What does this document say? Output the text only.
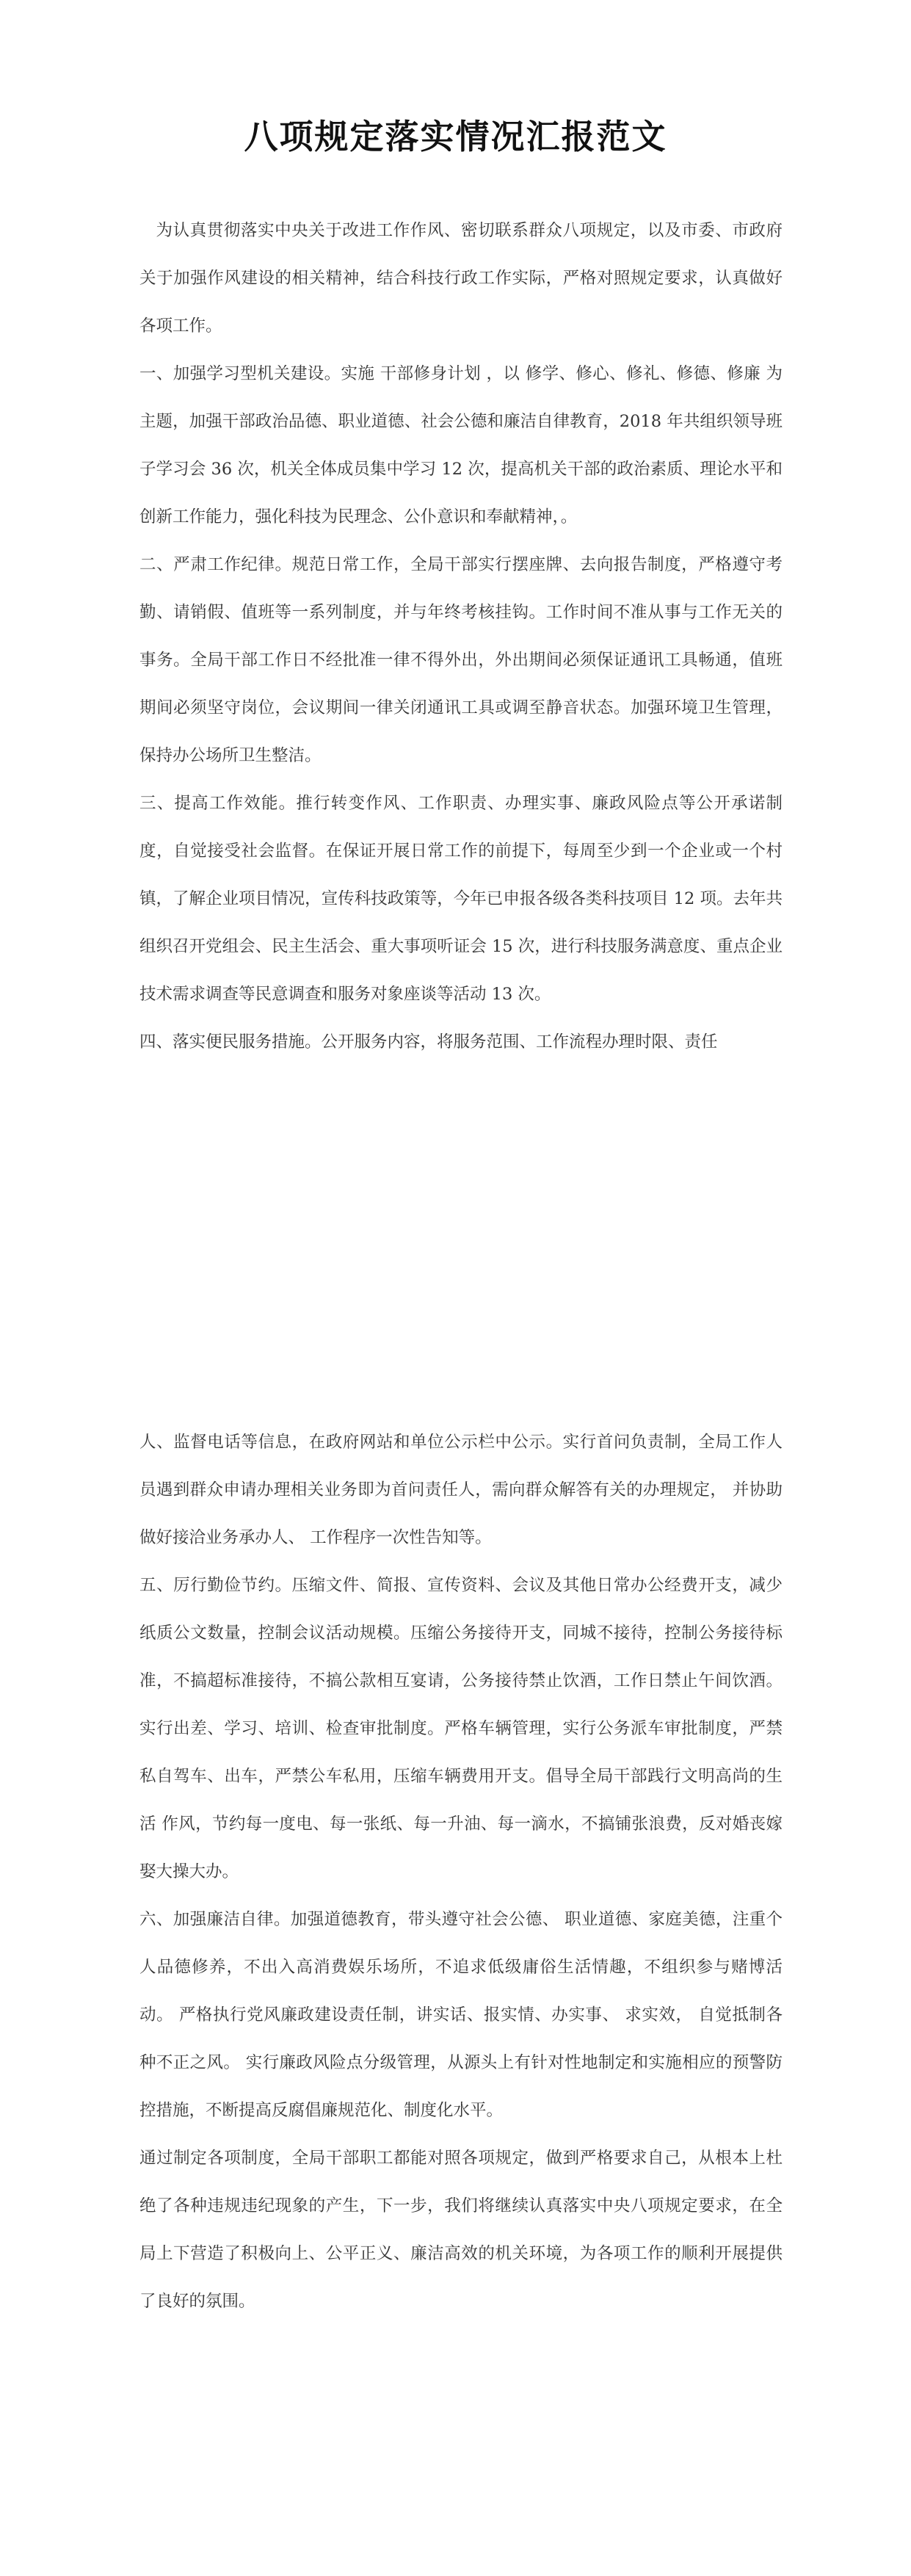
八项规定落实情况汇报范文

为认真贯彻落实中央关于改进工作作风、密切联系群众八项规定，以及市委、市政府关于加强作风建设的相关精神，结合科技行政工作实际，严格对照规定要求，认真做好各项工作。

一、加强学习型机关建设。实施 干部修身计划 ，以 修学、修心、修礼、修德、修廉 为主题，加强干部政治品德、职业道德、社会公德和廉洁自律教育，2018 年共组织领导班子学习会 36 次，机关全体成员集中学习 12 次，提高机关干部的政治素质、理论水平和创新工作能力，强化科技为民理念、公仆意识和奉献精神，。

二、严肃工作纪律。规范日常工作，全局干部实行摆座牌、去向报告制度，严格遵守考勤、请销假、值班等一系列制度，并与年终考核挂钩。工作时间不准从事与工作无关的事务。全局干部工作日不经批准一律不得外出，外出期间必须保证通讯工具畅通，值班期间必须坚守岗位，会议期间一律关闭通讯工具或调至静音状态。加强环境卫生管理，保持办公场所卫生整洁。

三、提高工作效能。推行转变作风、工作职责、办理实事、廉政风险点等公开承诺制度，自觉接受社会监督。在保证开展日常工作的前提下，每周至少到一个企业或一个村镇，了解企业项目情况，宣传科技政策等，今年已申报各级各类科技项目 12 项。去年共组织召开党组会、民主生活会、重大事项听证会 15 次，进行科技服务满意度、重点企业技术需求调查等民意调查和服务对象座谈等活动 13 次。

四、落实便民服务措施。公开服务内容，将服务范围、工作流程办理时限、责任

人、监督电话等信息，在政府网站和单位公示栏中公示。实行首问负责制，全局工作人员遇到群众申请办理相关业务即为首问责任人，需向群众解答有关的办理规定， 并协助做好接洽业务承办人、 工作程序一次性告知等。

五、厉行勤俭节约。压缩文件、简报、宣传资料、会议及其他日常办公经费开支，减少纸质公文数量，控制会议活动规模。压缩公务接待开支，同城不接待，控制公务接待标准，不搞超标准接待，不搞公款相互宴请，公务接待禁止饮酒，工作日禁止午间饮酒。实行出差、学习、培训、检查审批制度。严格车辆管理，实行公务派车审批制度，严禁私自驾车、出车，严禁公车私用，压缩车辆费用开支。倡导全局干部践行文明高尚的生活 作风，节约每一度电、每一张纸、每一升油、每一滴水，不搞铺张浪费，反对婚丧嫁娶大操大办。

六、加强廉洁自律。加强道德教育，带头遵守社会公德、 职业道德、家庭美德，注重个人品德修养，不出入高消费娱乐场所，不追求低级庸俗生活情趣，不组织参与赌博活动。 严格执行党风廉政建设责任制，讲实话、报实情、办实事、 求实效， 自觉抵制各种不正之风。 实行廉政风险点分级管理，从源头上有针对性地制定和实施相应的预警防控措施，不断提高反腐倡廉规范化、制度化水平。

通过制定各项制度，全局干部职工都能对照各项规定，做到严格要求自己，从根本上杜绝了各种违规违纪现象的产生，下一步，我们将继续认真落实中央八项规定要求，在全局上下营造了积极向上、公平正义、廉洁高效的机关环境，为各项工作的顺利开展提供了良好的氛围。
